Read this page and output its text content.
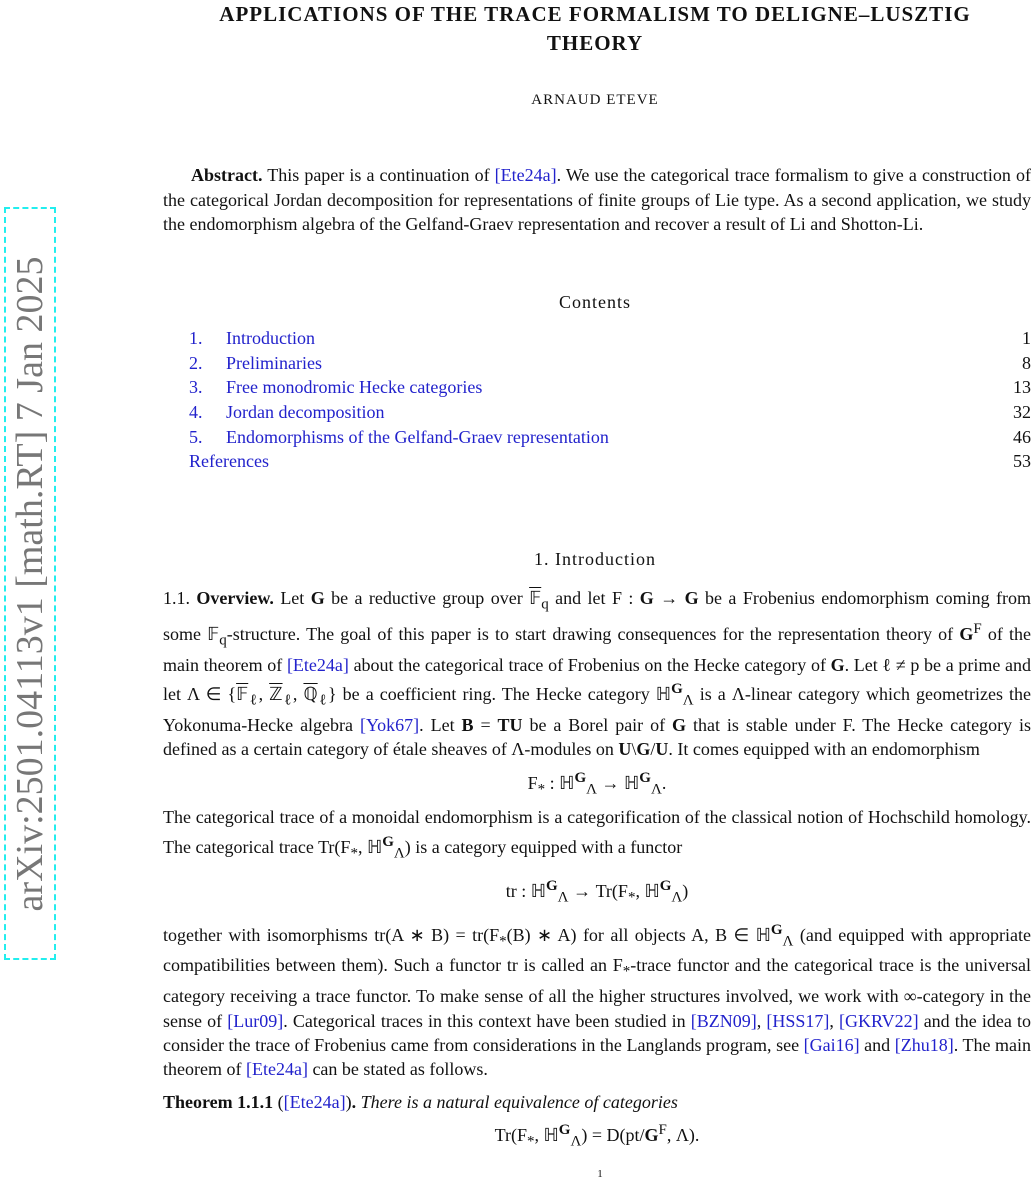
arXiv:2501.04113v1 [math.RT] 7 Jan 2025
APPLICATIONS OF THE TRACE FORMALISM TO DELIGNE–LUSZTIG
THEORY
ARNAUD ETEVE

Abstract. This paper is a continuation of [Ete24a]. We use the categorical trace formalism to give a construction of the categorical Jordan decomposition for representations of finite groups of Lie type. As a second application, we study the endomorphism algebra of the Gelfand-Graev representation and recover a result of Li and Shotton-Li.

Contents
1. Introduction	1
2. Preliminaries	8
3. Free monodromic Hecke categories	13
4. Jordan decomposition	32
5. Endomorphisms of the Gelfand-Graev representation	46
References	53
1. Introduction

1.1. Overview. Let G be a reductive group over 𝔽$_q$ and let F : G → G be a Frobenius endomorphism coming from some 𝔽$_q$-structure. The goal of this paper is to start drawing consequences for the representation theory of $G^F$ of the main theorem of [Ete24a] about the categorical trace of Frobenius on the Hecke category of G. Let ℓ ≠ p be a prime and let Λ ∈ {𝔽$_\ell$, ℤ$_\ell$, ℚ$_\ell$} be a coefficient ring. The Hecke category ℍ$^G_\Lambda$ is a Λ-linear category which geometrizes the Yokonuma-Hecke algebra [Yok67]. Let B = TU be a Borel pair of G that is stable under F. The Hecke category is defined as a certain category of étale sheaves of Λ-modules on U\G/U. It comes equipped with an endomorphism

$F_*$ : ℍ$^G_\Lambda$ → ℍ$^G_\Lambda$.

The categorical trace of a monoidal endomorphism is a categorification of the classical notion of Hochschild homology. The categorical trace $Tr(F_*$, ℍ$^G_\Lambda$) is a category equipped with a functor

tr : ℍ$^G_\Lambda$ → $Tr(F_*$, ℍ$^G_\Lambda$)

together with isomorphisms tr(A ∗ $B) = tr(F_*(B)$ ∗ A) for all objects A, B ∈ ℍ$^G_\Lambda$ (and equipped with appropriate compatibilities between them). Such a functor tr is called an $F_*$-trace functor and the categorical trace is the universal category receiving a trace functor. To make sense of all the higher structures involved, we work with ∞-category in the sense of [Lur09]. Categorical traces in this context have been studied in [BZN09], [HSS17], [GKRV22] and the idea to consider the trace of Frobenius came from considerations in the Langlands program, see [Gai16] and [Zhu18]. The main theorem of [Ete24a] can be stated as follows.

Theorem 1.1.1 ([Ete24a]). There is a natural equivalence of categories

$Tr(F_*$, ℍ$^G_\Lambda$) = $D(pt/G^F$, Λ).
1
